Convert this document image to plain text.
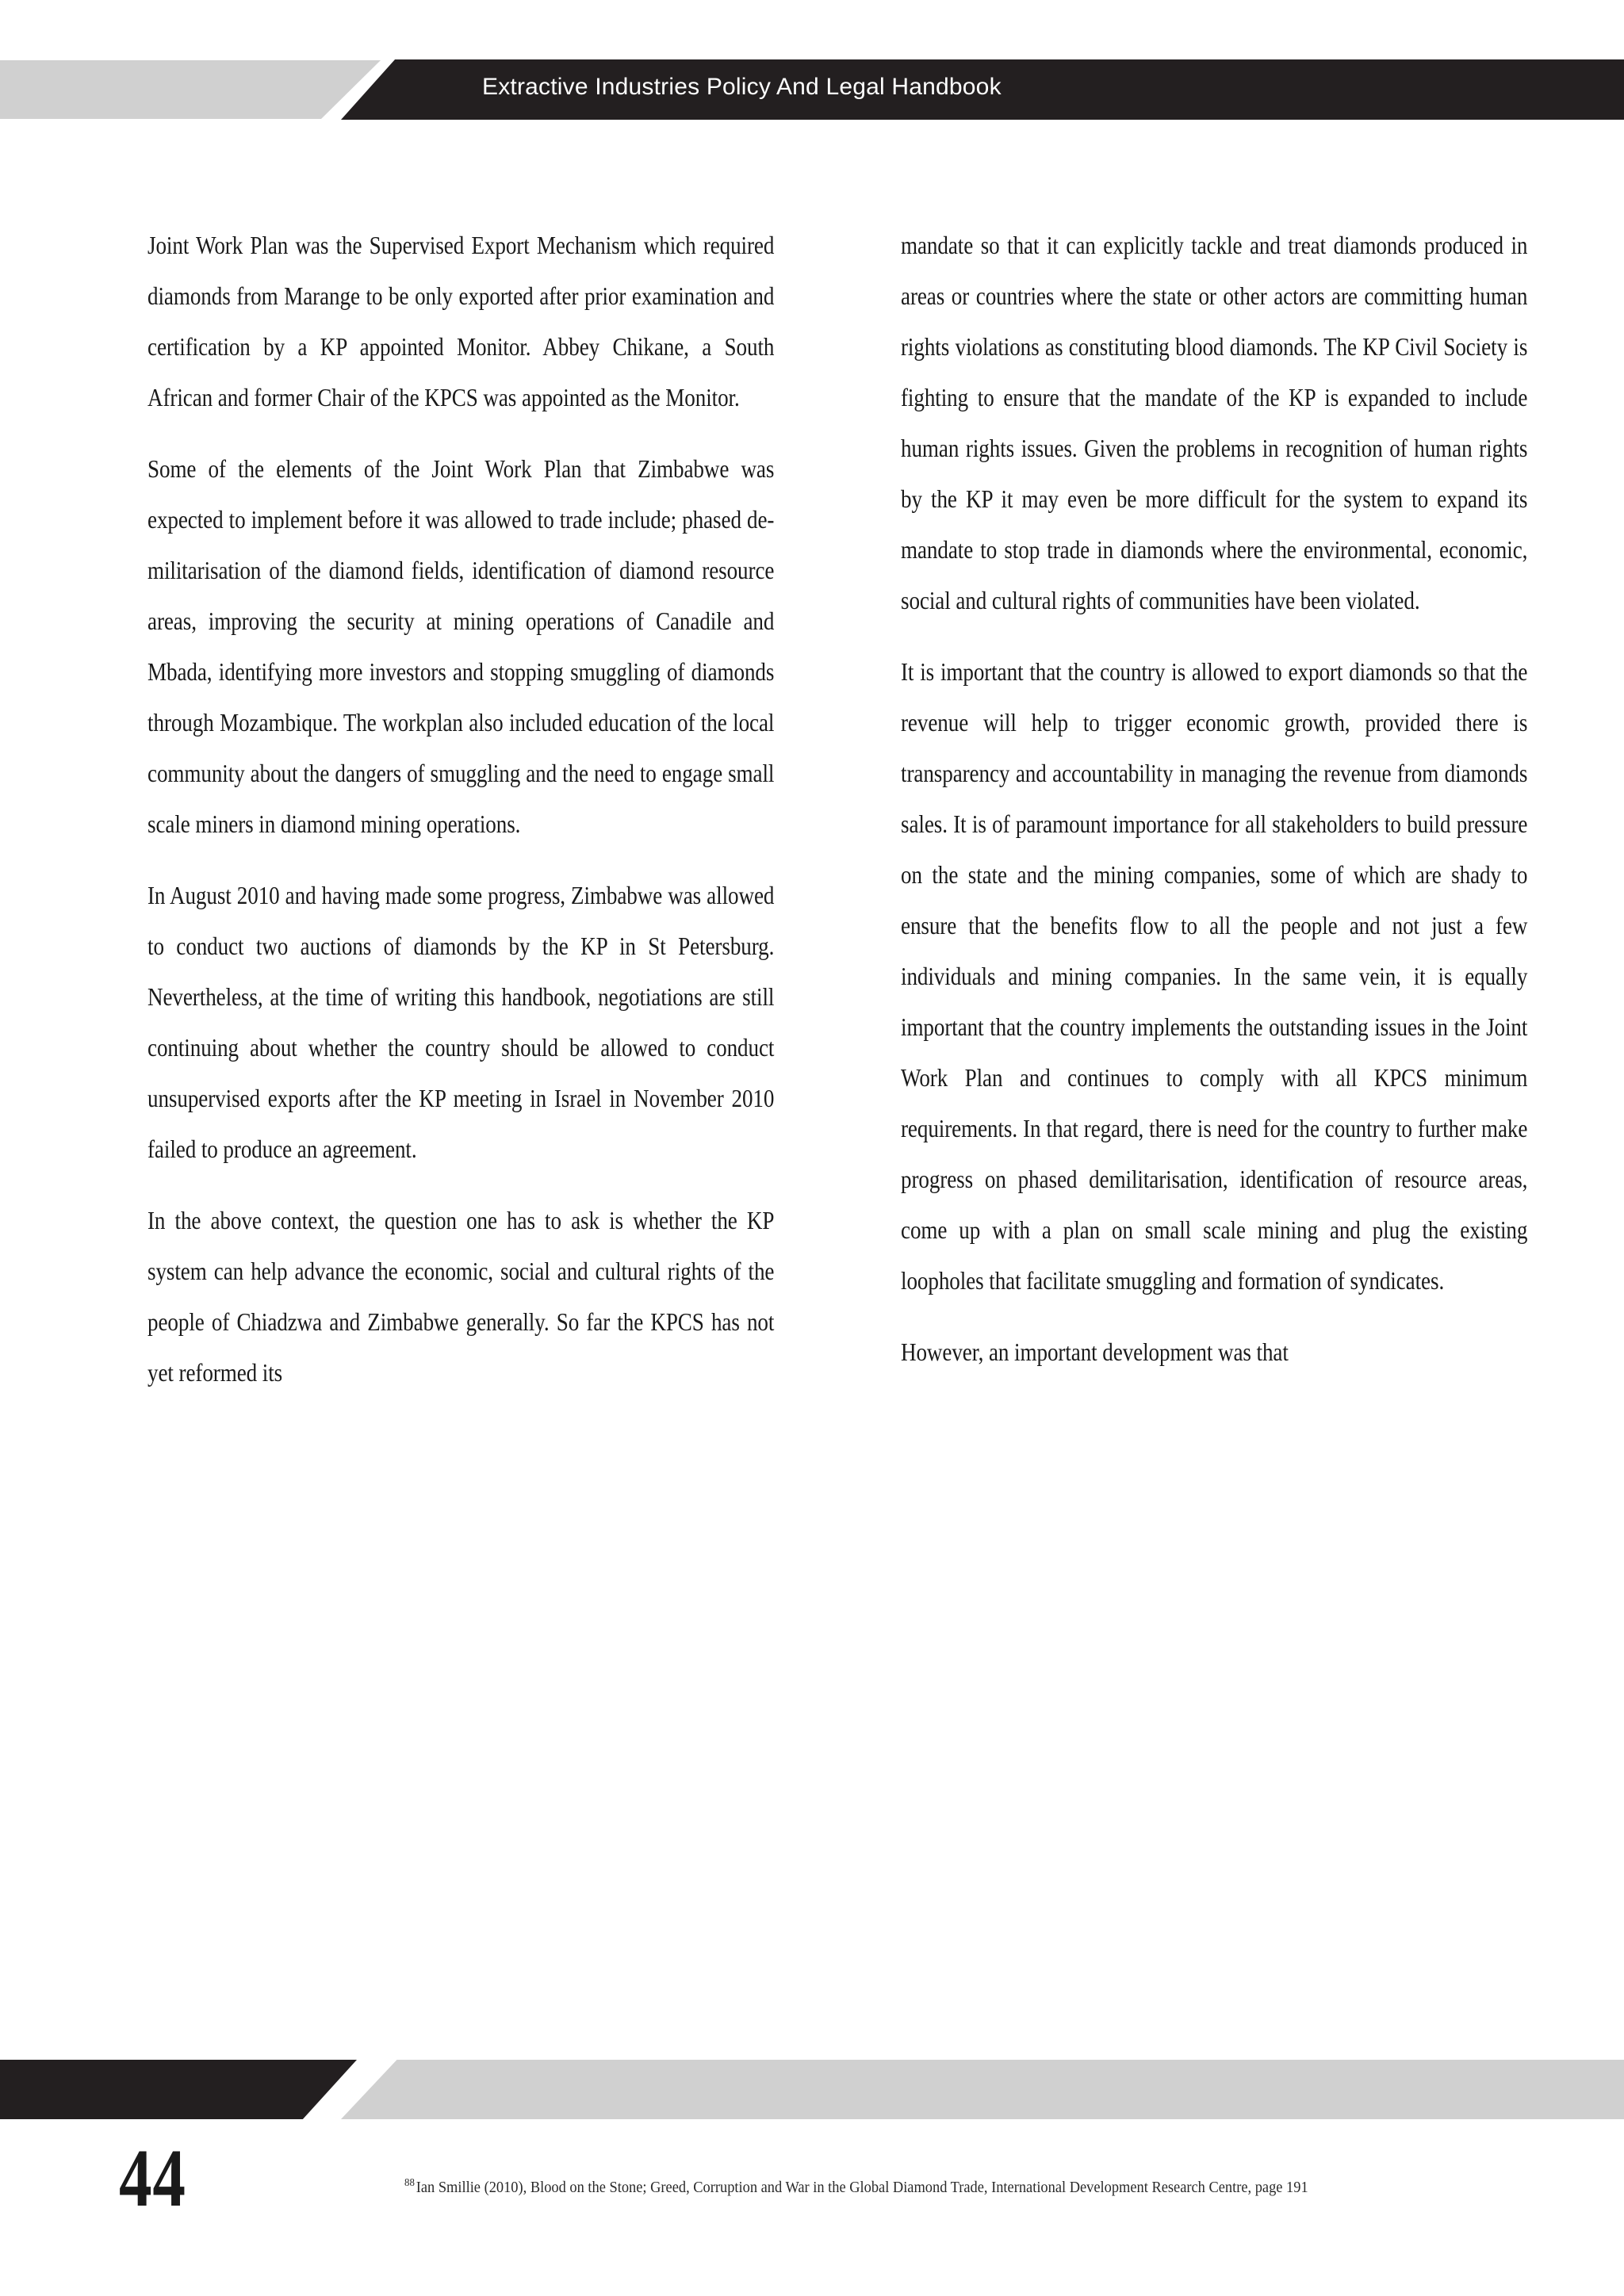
Extractive Industries Policy And Legal Handbook

Joint Work Plan was the Supervised Export Mechanism which required diamonds from Marange to be only exported after prior examination and certification by a KP appointed Monitor. Abbey Chikane, a South African and former Chair of the KPCS was appointed as the Monitor.

Some of the elements of the Joint Work Plan that Zimbabwe was expected to implement before it was allowed to trade include; phased de-militarisation of the diamond fields, identification of diamond resource areas, improving the security at mining operations of Canadile and Mbada, identifying more investors and stopping smuggling of diamonds through Mozambique. The workplan also included education of the local community about the dangers of smuggling and the need to engage small scale miners in diamond mining operations.

In August 2010 and having made some progress, Zimbabwe was allowed to conduct two auctions of diamonds by the KP in St Petersburg. Nevertheless, at the time of writing this handbook, negotiations are still continuing about whether the country should be allowed to conduct unsupervised exports after the KP meeting in Israel in November 2010 failed to produce an agreement.

In the above context, the question one has to ask is whether the KP system can help advance the economic, social and cultural rights of the people of Chiadzwa and Zimbabwe generally. So far the KPCS has not yet reformed its

mandate so that it can explicitly tackle and treat diamonds produced in areas or countries where the state or other actors are committing human rights violations as constituting blood diamonds. The KP Civil Society is fighting to ensure that the mandate of the KP is expanded to include human rights issues. Given the problems in recognition of human rights by the KP it may even be more difficult for the system to expand its mandate to stop trade in diamonds where the environmental, economic, social and cultural rights of communities have been violated.

It is important that the country is allowed to export diamonds so that the revenue will help to trigger economic growth, provided there is transparency and accountability in managing the revenue from diamonds sales. It is of paramount importance for all stakeholders to build pressure on the state and the mining companies, some of which are shady to ensure that the benefits flow to all the people and not just a few individuals and mining companies. In the same vein, it is equally important that the country implements the outstanding issues in the Joint Work Plan and continues to comply with all KPCS minimum requirements. In that regard, there is need for the country to further make progress on phased demilitarisation, identification of resource areas, come up with a plan on small scale mining and plug the existing loopholes that facilitate smuggling and formation of syndicates.

However, an important development was that

44	$^{88}$Ian Smillie (2010), Blood on the Stone; Greed, Corruption and War in the Global Diamond Trade, International Development Research Centre, page 191
